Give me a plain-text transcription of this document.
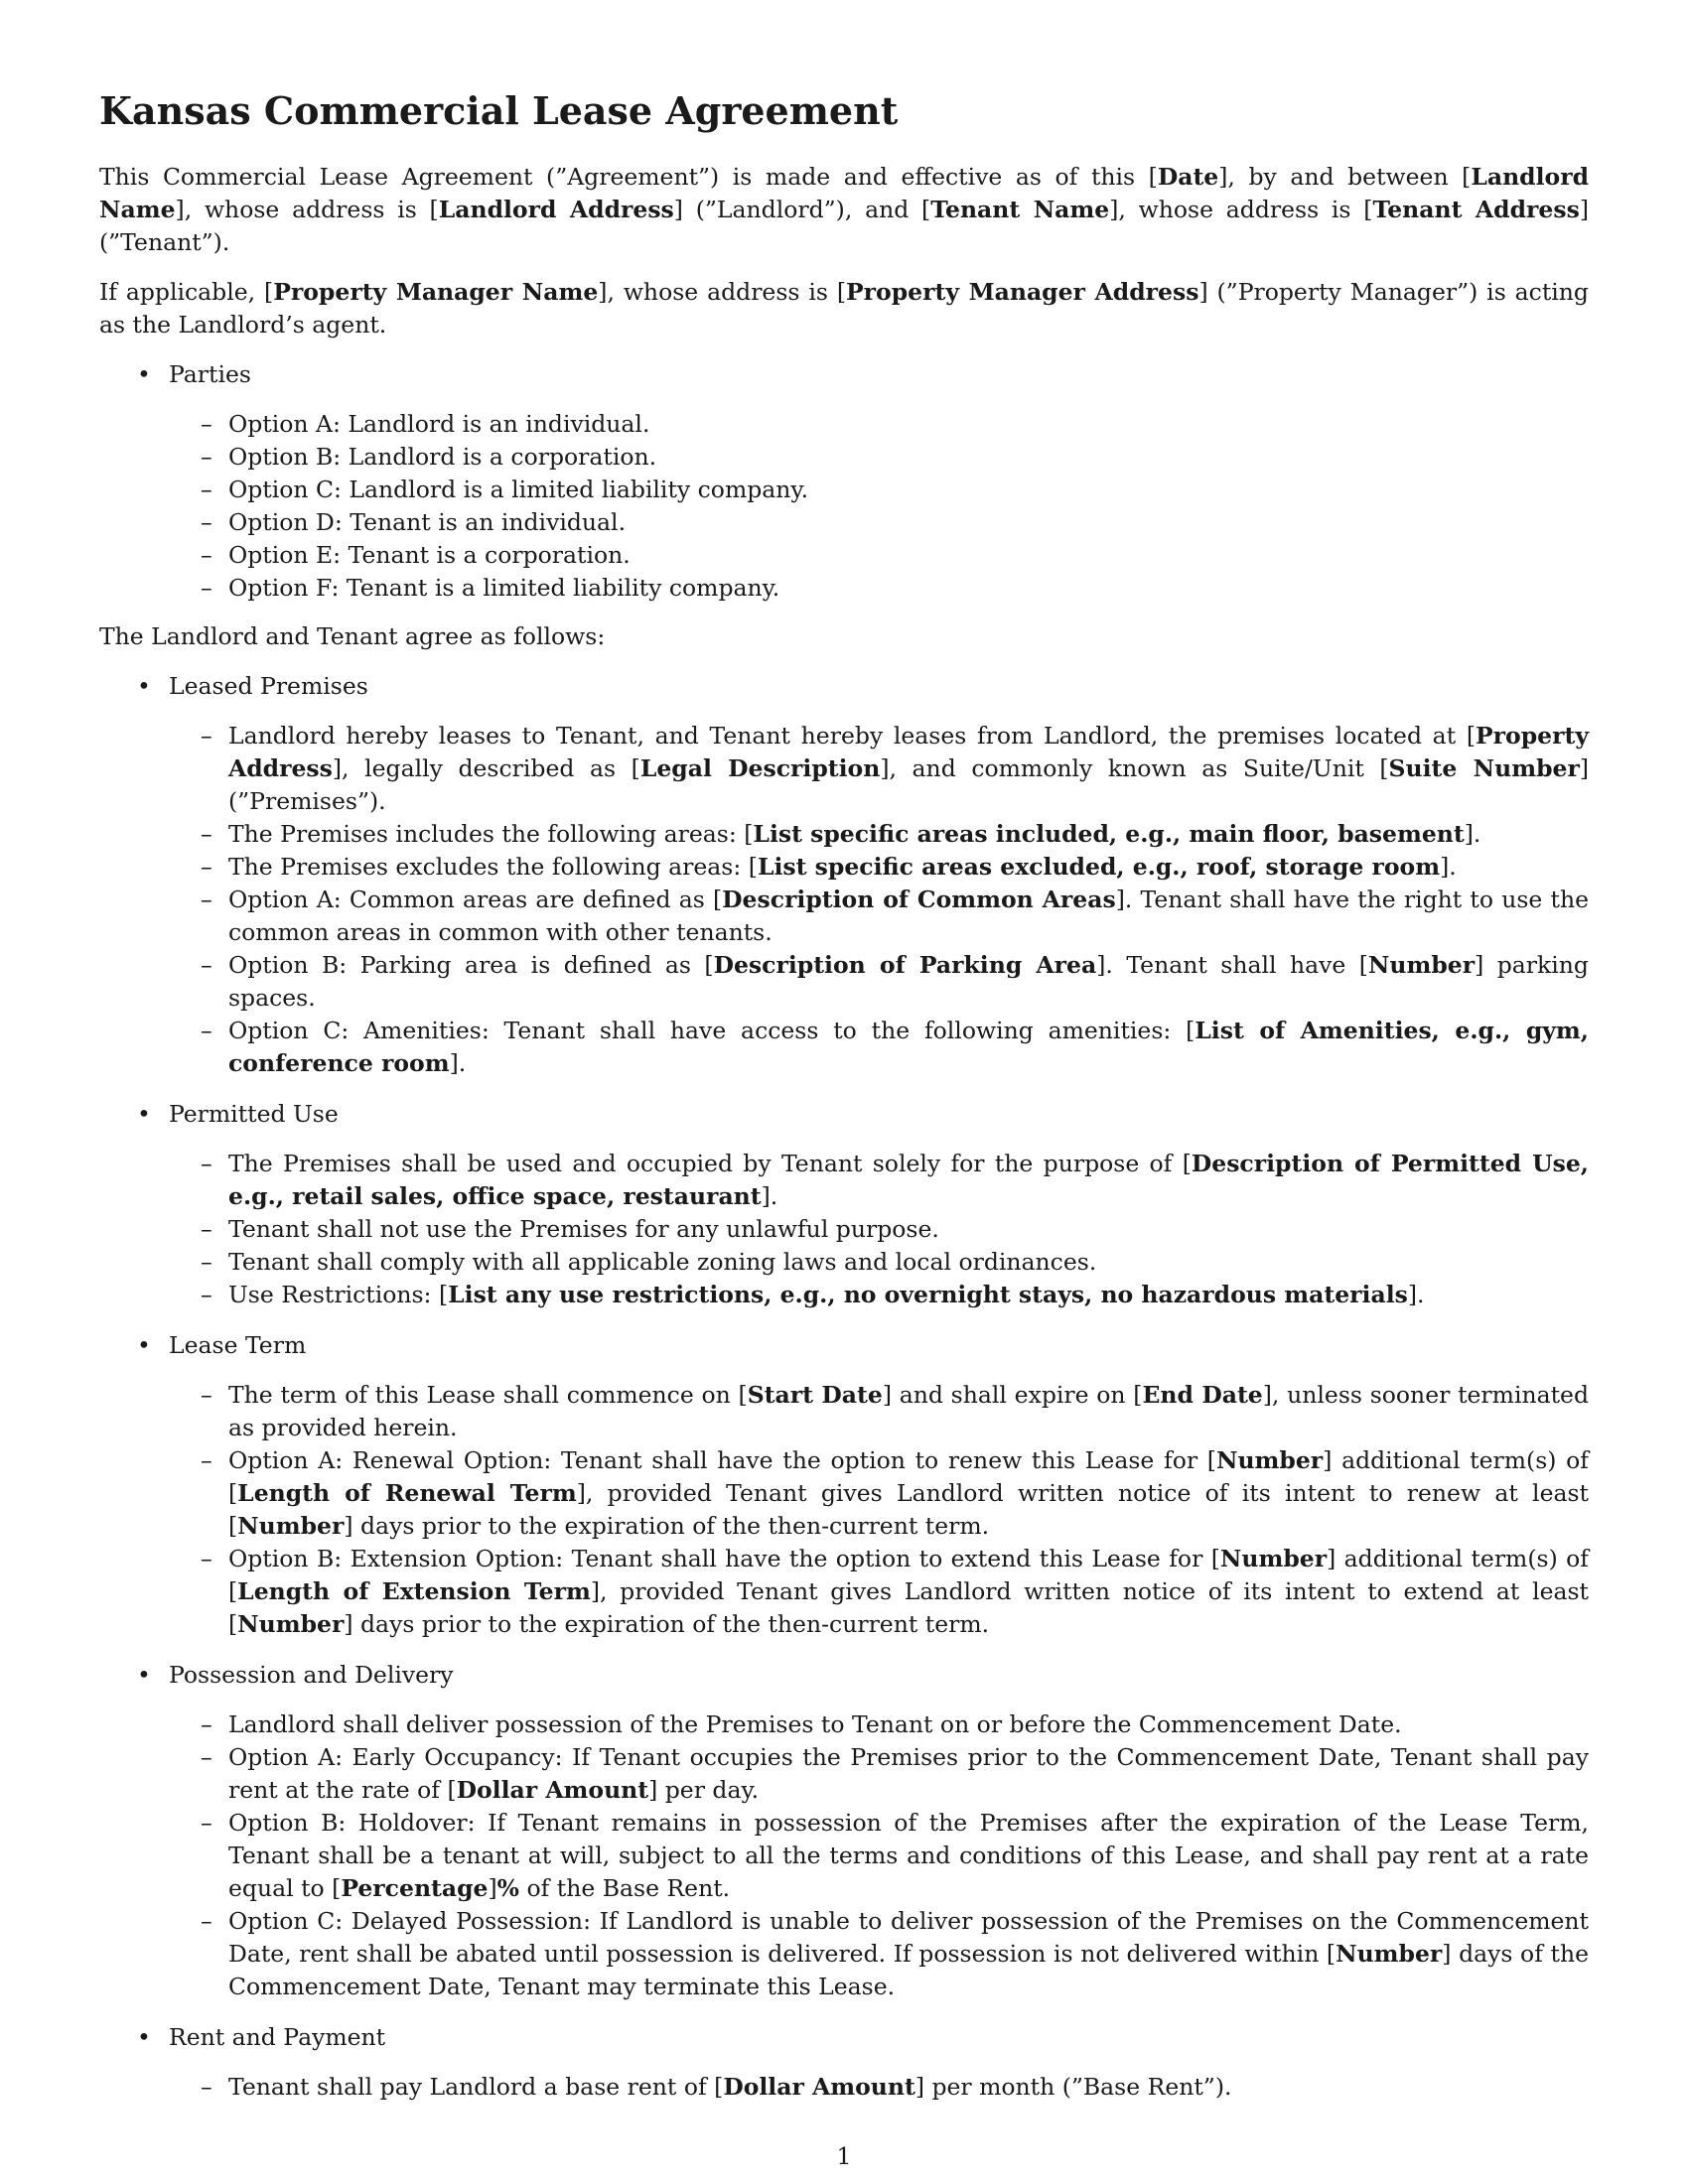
Kansas Commercial Lease Agreement

This Commercial Lease Agreement (”Agreement”) is made and effective as of this [Date], by and between [Landlord Name], whose address is [Landlord Address] (”Landlord”), and [Tenant Name], whose address is [Tenant Address] (”Tenant”).

If applicable, [Property Manager Name], whose address is [Property Manager Address] (”Property Manager”) is acting as the Landlord’s agent.

• Parties
– Option A: Landlord is an individual.
– Option B: Landlord is a corporation.
– Option C: Landlord is a limited liability company.
– Option D: Tenant is an individual.
– Option E: Tenant is a corporation.
– Option F: Tenant is a limited liability company.

The Landlord and Tenant agree as follows:

• Leased Premises
– Landlord hereby leases to Tenant, and Tenant hereby leases from Landlord, the premises located at [Property Address], legally described as [Legal Description], and commonly known as Suite/Unit [Suite Number] (”Premises”).
– The Premises includes the following areas: [List specific areas included, e.g., main floor, basement].
– The Premises excludes the following areas: [List specific areas excluded, e.g., roof, storage room].
– Option A: Common areas are defined as [Description of Common Areas]. Tenant shall have the right to use the common areas in common with other tenants.
– Option B: Parking area is defined as [Description of Parking Area]. Tenant shall have [Number] parking spaces.
– Option C: Amenities: Tenant shall have access to the following amenities: [List of Amenities, e.g., gym, conference room].
• Permitted Use
– The Premises shall be used and occupied by Tenant solely for the purpose of [Description of Permitted Use, e.g., retail sales, office space, restaurant].
– Tenant shall not use the Premises for any unlawful purpose.
– Tenant shall comply with all applicable zoning laws and local ordinances.
– Use Restrictions: [List any use restrictions, e.g., no overnight stays, no hazardous materials].
• Lease Term
– The term of this Lease shall commence on [Start Date] and shall expire on [End Date], unless sooner terminated as provided herein.
– Option A: Renewal Option: Tenant shall have the option to renew this Lease for [Number] additional term(s) of [Length of Renewal Term], provided Tenant gives Landlord written notice of its intent to renew at least [Number] days prior to the expiration of the then-current term.
– Option B: Extension Option: Tenant shall have the option to extend this Lease for [Number] additional term(s) of [Length of Extension Term], provided Tenant gives Landlord written notice of its intent to extend at least [Number] days prior to the expiration of the then-current term.
• Possession and Delivery
– Landlord shall deliver possession of the Premises to Tenant on or before the Commencement Date.
– Option A: Early Occupancy: If Tenant occupies the Premises prior to the Commencement Date, Tenant shall pay rent at the rate of [Dollar Amount] per day.
– Option B: Holdover: If Tenant remains in possession of the Premises after the expiration of the Lease Term, Tenant shall be a tenant at will, subject to all the terms and conditions of this Lease, and shall pay rent at a rate equal to [Percentage]% of the Base Rent.
– Option C: Delayed Possession: If Landlord is unable to deliver possession of the Premises on the Commencement Date, rent shall be abated until possession is delivered. If possession is not delivered within [Number] days of the Commencement Date, Tenant may terminate this Lease.
• Rent and Payment
– Tenant shall pay Landlord a base rent of [Dollar Amount] per month (”Base Rent”).
1
